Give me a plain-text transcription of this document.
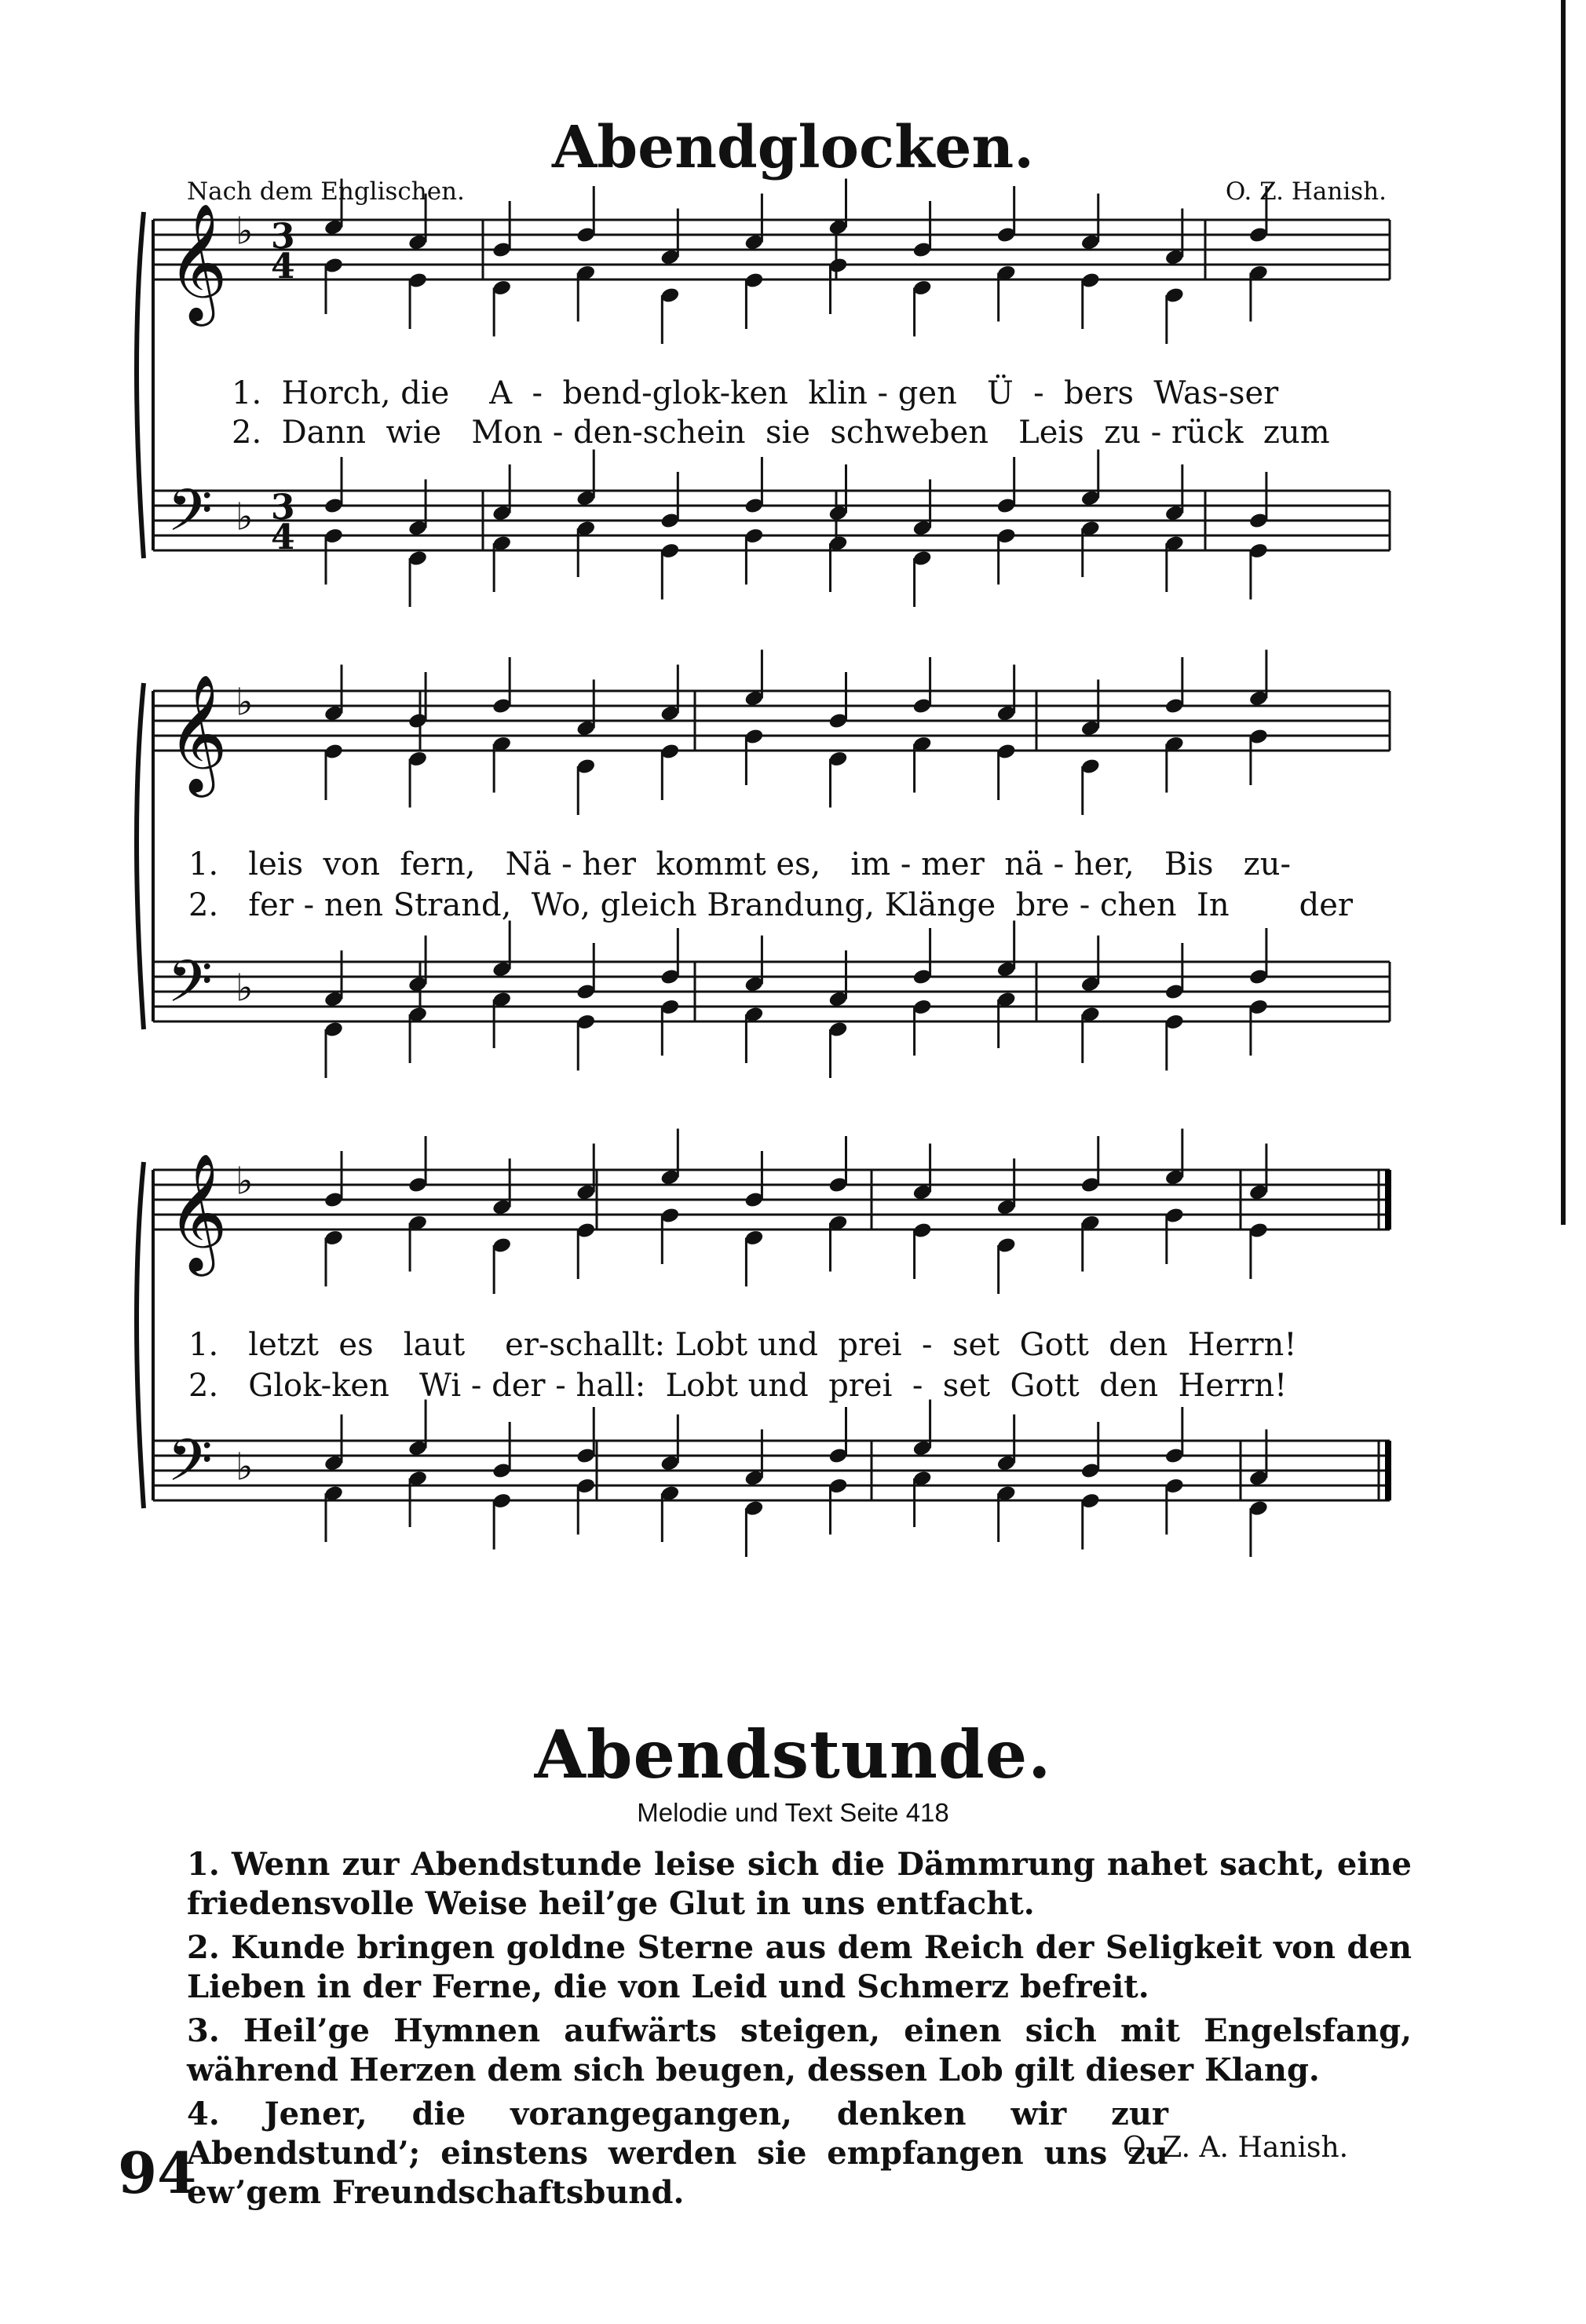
Abendglocken.
Nach dem Englischen.	O. Z. Hanish.
𝄞 ♭ 3
4
𝄢 ♭ 3
4
𝄞 ♭
𝄢 ♭
𝄞 ♭
𝄢 ♭
1.  Horch, die    A  -  bend-glok-ken  klin - gen   Ü  -  bers  Was-ser
2.  Dann  wie   Mon - den-schein  sie  schweben   Leis  zu - rück  zum
1.   leis  von  fern,   Nä - her  kommt es,   im - mer  nä - her,   Bis   zu-
2.   fer - nen Strand,  Wo, gleich Brandung, Klänge  bre - chen  In       der
1.   letzt  es   laut    er-schallt: Lobt und  prei  -  set  Gott  den  Herrn!
2.   Glok-ken   Wi - der - hall:  Lobt und  prei  -  set  Gott  den  Herrn!
Abendstunde.
Melodie und Text Seite 418
1. Wenn zur Abendstunde leise sich die Dämmrung nahet sacht, eine friedensvolle Weise heil’ge Glut in uns entfacht.
2. Kunde bringen goldne Sterne aus dem Reich der Seligkeit von den Lieben in der Ferne, die von Leid und Schmerz befreit.
3. Heil’ge Hymnen aufwärts steigen, einen sich mit Engelsfang, während Herzen dem sich beugen, dessen Lob gilt dieser Klang.
4. Jener, die vorangegangen, denken wir zur Abendstund’; einstens werden sie empfangen uns zu ew’gem Freundschaftsbund.
O. Z. A. Hanish.
94
